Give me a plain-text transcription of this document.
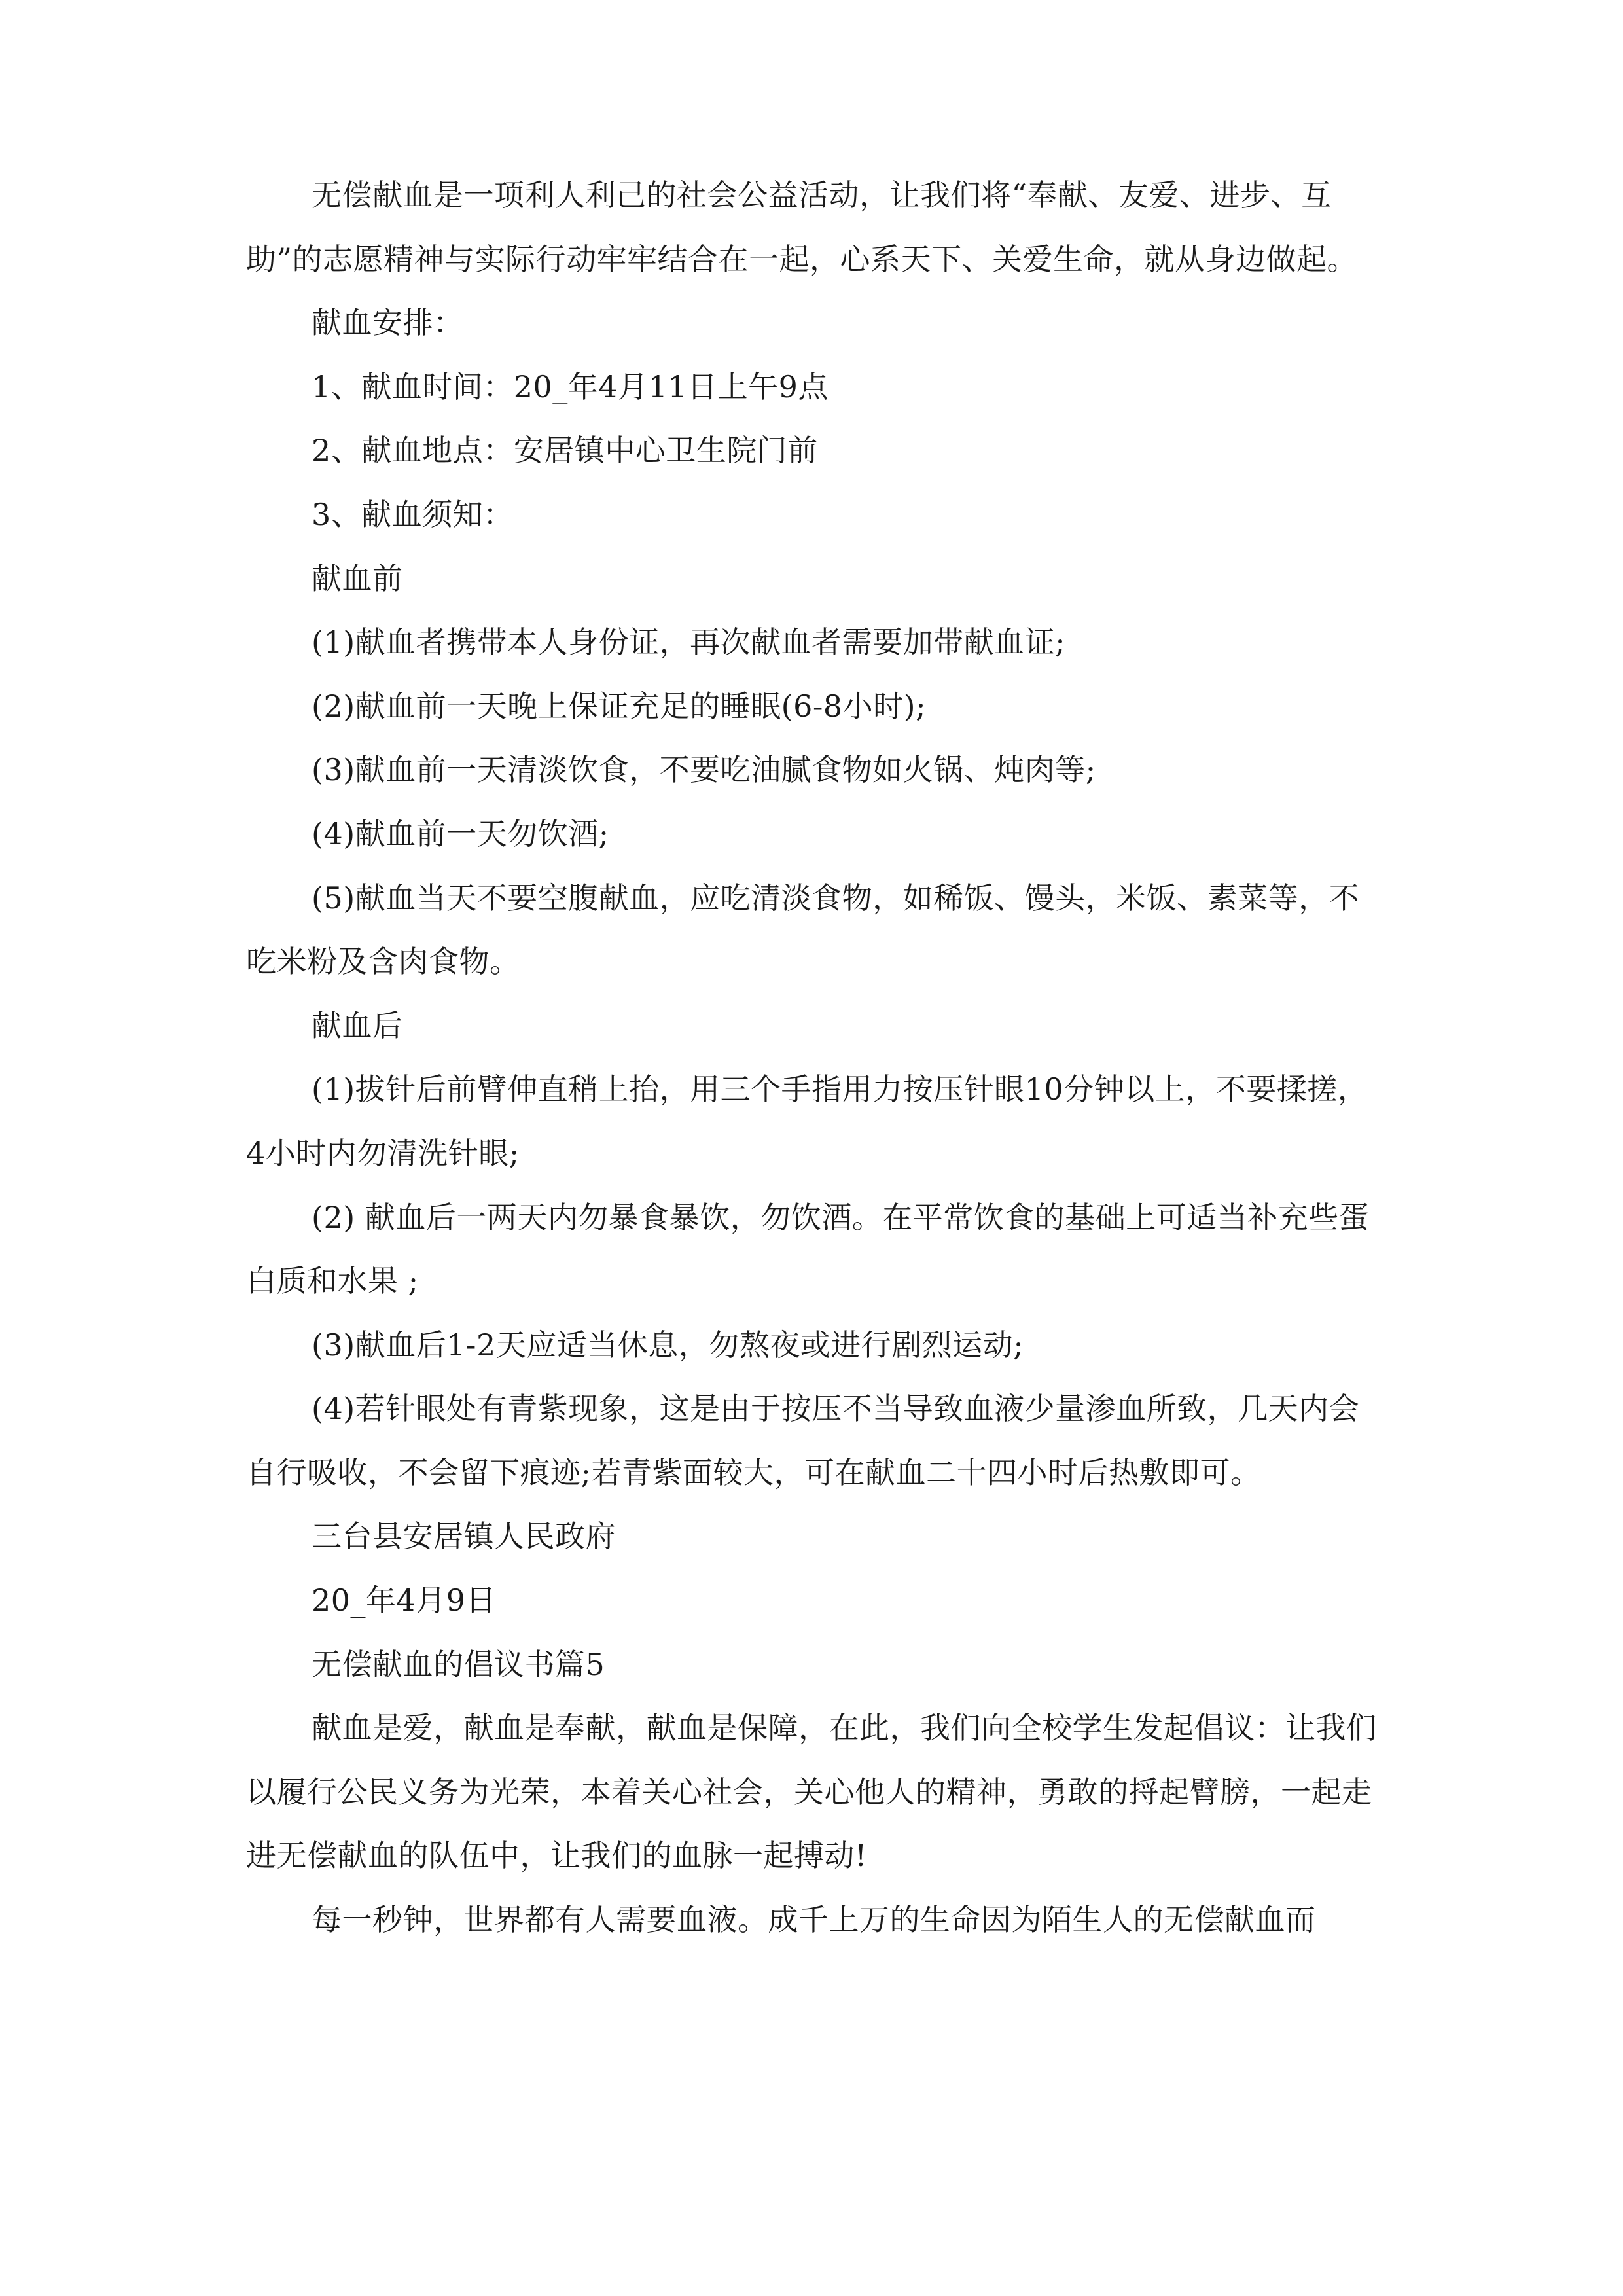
无偿献血是一项利人利己的社会公益活动，让我们将“奉献、友爱、进步、互助”的志愿精神与实际行动牢牢结合在一起，心系天下、关爱生命，就从身边做起。

献血安排：

1、献血时间：20_年4月11日上午9点

2、献血地点：安居镇中心卫生院门前

3、献血须知：

献血前

(1)献血者携带本人身份证，再次献血者需要加带献血证;

(2)献血前一天晚上保证充足的睡眠(6-8小时);

(3)献血前一天清淡饮食，不要吃油腻食物如火锅、炖肉等;

(4)献血前一天勿饮酒;

(5)献血当天不要空腹献血，应吃清淡食物，如稀饭、馒头，米饭、素菜等，不吃米粉及含肉食物。

献血后

(1)拔针后前臂伸直稍上抬，用三个手指用力按压针眼10分钟以上，不要揉搓，4小时内勿清洗针眼;

(2) 献血后一两天内勿暴食暴饮，勿饮酒。在平常饮食的基础上可适当补充些蛋白质和水果 ;

(3)献血后1-2天应适当休息，勿熬夜或进行剧烈运动;

(4)若针眼处有青紫现象，这是由于按压不当导致血液少量渗血所致，几天内会自行吸收，不会留下痕迹;若青紫面较大，可在献血二十四小时后热敷即可。

三台县安居镇人民政府

20_年4月9日

无偿献血的倡议书篇5

献血是爱，献血是奉献，献血是保障，在此，我们向全校学生发起倡议：让我们以履行公民义务为光荣，本着关心社会，关心他人的精神，勇敢的捋起臂膀，一起走进无偿献血的队伍中，让我们的血脉一起搏动!

每一秒钟，世界都有人需要血液。成千上万的生命因为陌生人的无偿献血而
